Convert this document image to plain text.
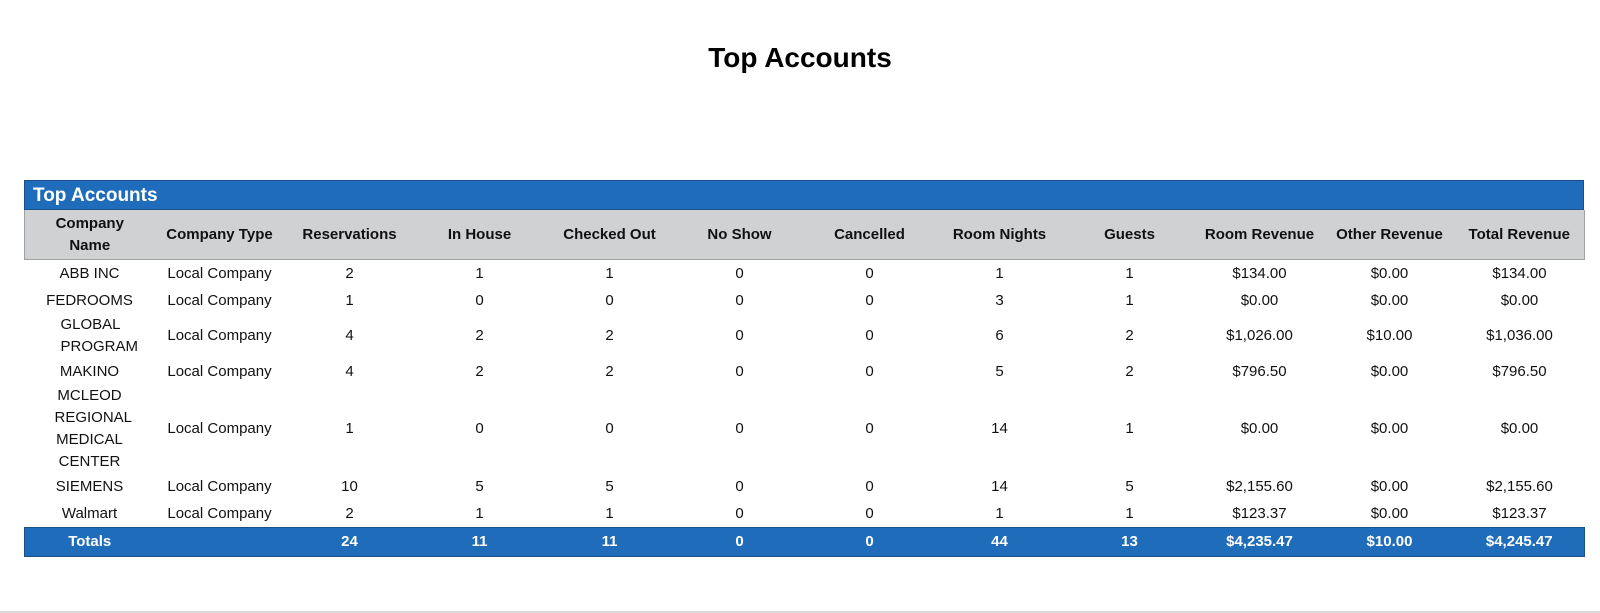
Top Accounts
Top Accounts
Company Name	Company Type	Reservations	In House	Checked Out	No Show	Cancelled	Room Nights	Guests	Room Revenue	Other Revenue	Total Revenue
ABB INC	Local Company	2	1	1	0	0	1	1	$134.00	$0.00	$134.00
FEDROOMS	Local Company	1	0	0	0	0	3	1	$0.00	$0.00	$0.00
GLOBAL PROGRAM	Local Company	4	2	2	0	0	6	2	$1,026.00	$10.00	$1,036.00
MAKINO	Local Company	4	2	2	0	0	5	2	$796.50	$0.00	$796.50
MCLEOD REGIONAL MEDICAL CENTER	Local Company	1	0	0	0	0	14	1	$0.00	$0.00	$0.00
SIEMENS	Local Company	10	5	5	0	0	14	5	$2,155.60	$0.00	$2,155.60
Walmart	Local Company	2	1	1	0	0	1	1	$123.37	$0.00	$123.37
Totals		24	11	11	0	0	44	13	$4,235.47	$10.00	$4,245.47
